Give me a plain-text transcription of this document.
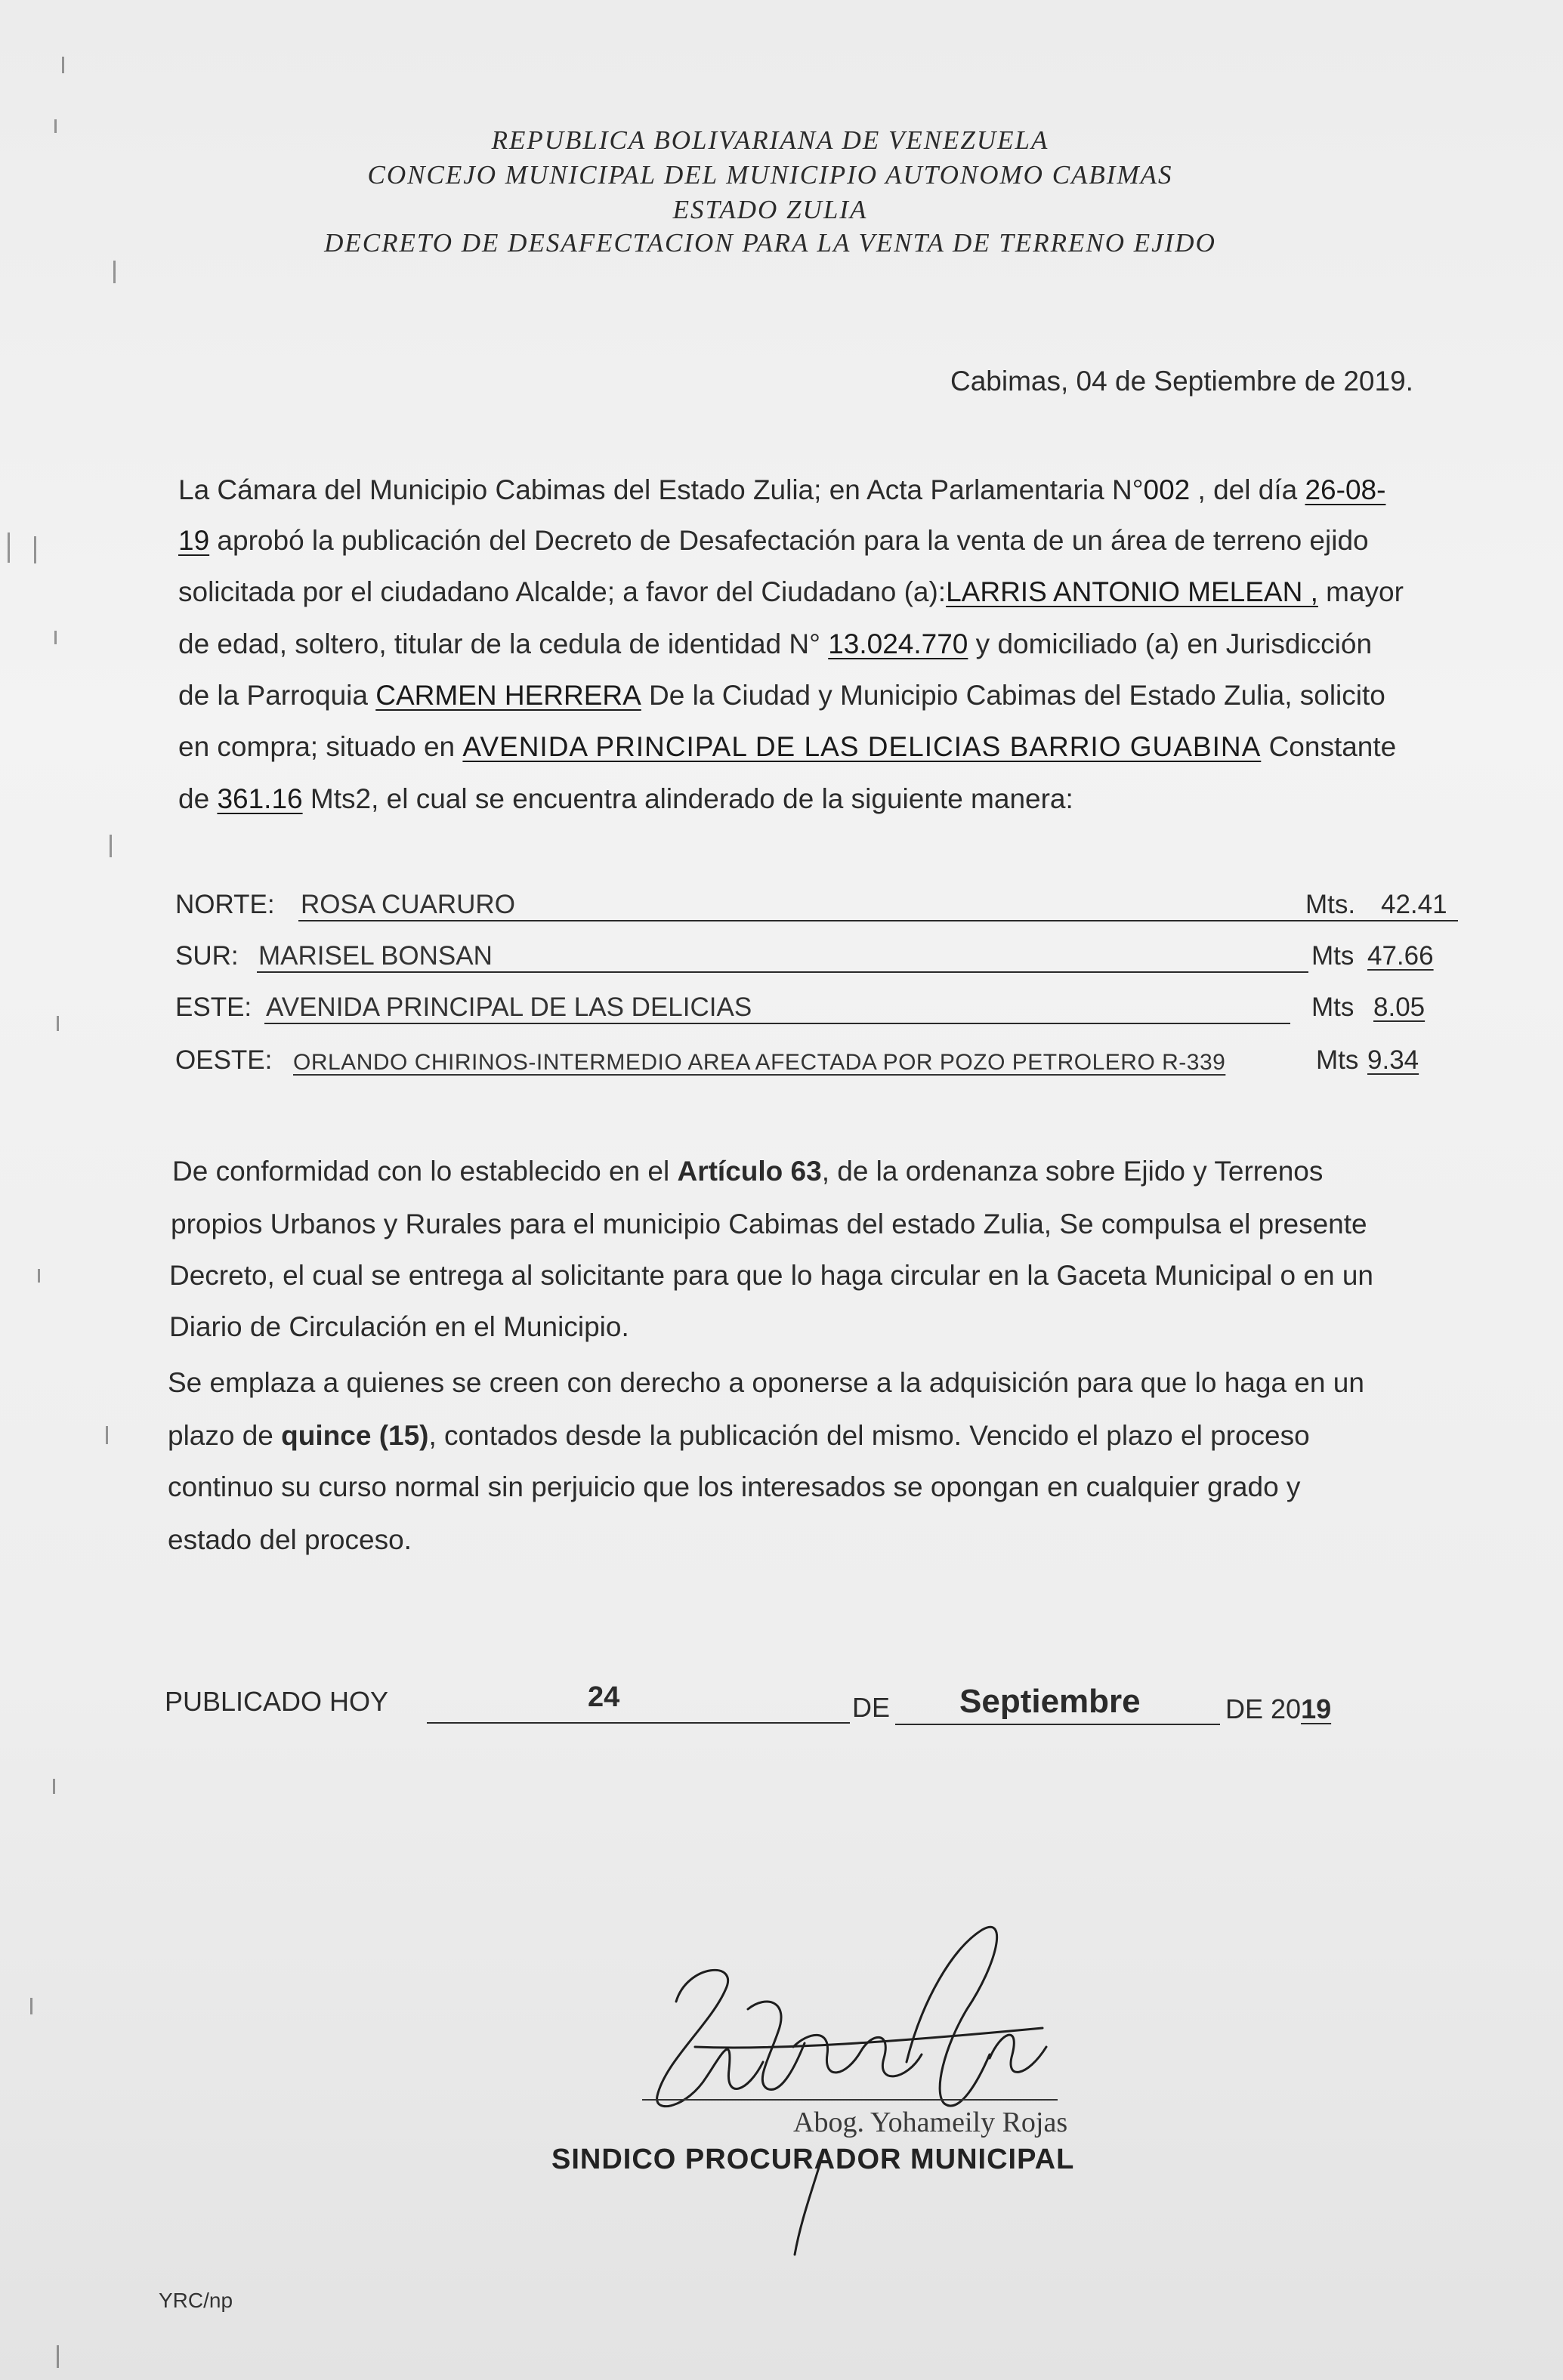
REPUBLICA BOLIVARIANA DE VENEZUELA
CONCEJO MUNICIPAL DEL MUNICIPIO AUTONOMO CABIMAS
ESTADO ZULIA
DECRETO DE DESAFECTACION PARA LA VENTA DE TERRENO EJIDO
Cabimas, 04 de Septiembre de 2019.
La Cámara del Municipio Cabimas del Estado Zulia; en Acta Parlamentaria N°002 , del día 26-08-
19 aprobó la publicación del Decreto de Desafectación para la venta de un área de terreno ejido
solicitada por el ciudadano Alcalde; a favor del Ciudadano (a):LARRIS ANTONIO MELEAN , mayor
de edad, soltero, titular de la cedula de identidad N° 13.024.770 y domiciliado (a) en Jurisdicción
de la Parroquia CARMEN HERRERA De la Ciudad y Municipio Cabimas del Estado Zulia, solicito
en compra; situado en AVENIDA PRINCIPAL DE LAS DELICIAS BARRIO GUABINA Constante
de 361.16 Mts2, el cual se encuentra alinderado de la siguiente manera:
NORTE: ROSA CUARURO	Mts. 42.41
SUR: MARISEL BONSAN	Mts 47.66
ESTE: AVENIDA PRINCIPAL DE LAS DELICIAS	Mts 8.05
OESTE: ORLANDO CHIRINOS-INTERMEDIO AREA AFECTADA POR POZO PETROLERO R-339	Mts 9.34
De conformidad con lo establecido en el Artículo 63, de la ordenanza sobre Ejido y Terrenos
propios Urbanos y Rurales para el municipio Cabimas del estado Zulia, Se compulsa el presente
Decreto, el cual se entrega al solicitante para que lo haga circular en la Gaceta Municipal o en un
Diario de Circulación en el Municipio.
Se emplaza a quienes se creen con derecho a oponerse a la adquisición para que lo haga en un
plazo de quince (15), contados desde la publicación del mismo. Vencido el plazo el proceso
continuo su curso normal sin perjuicio que los interesados se opongan en cualquier grado y
estado del proceso.
PUBLICADO HOY	24	DE Septiembre	DE 2019
Abog. Yohameily Rojas
SINDICO PROCURADOR MUNICIPAL
YRC/np
